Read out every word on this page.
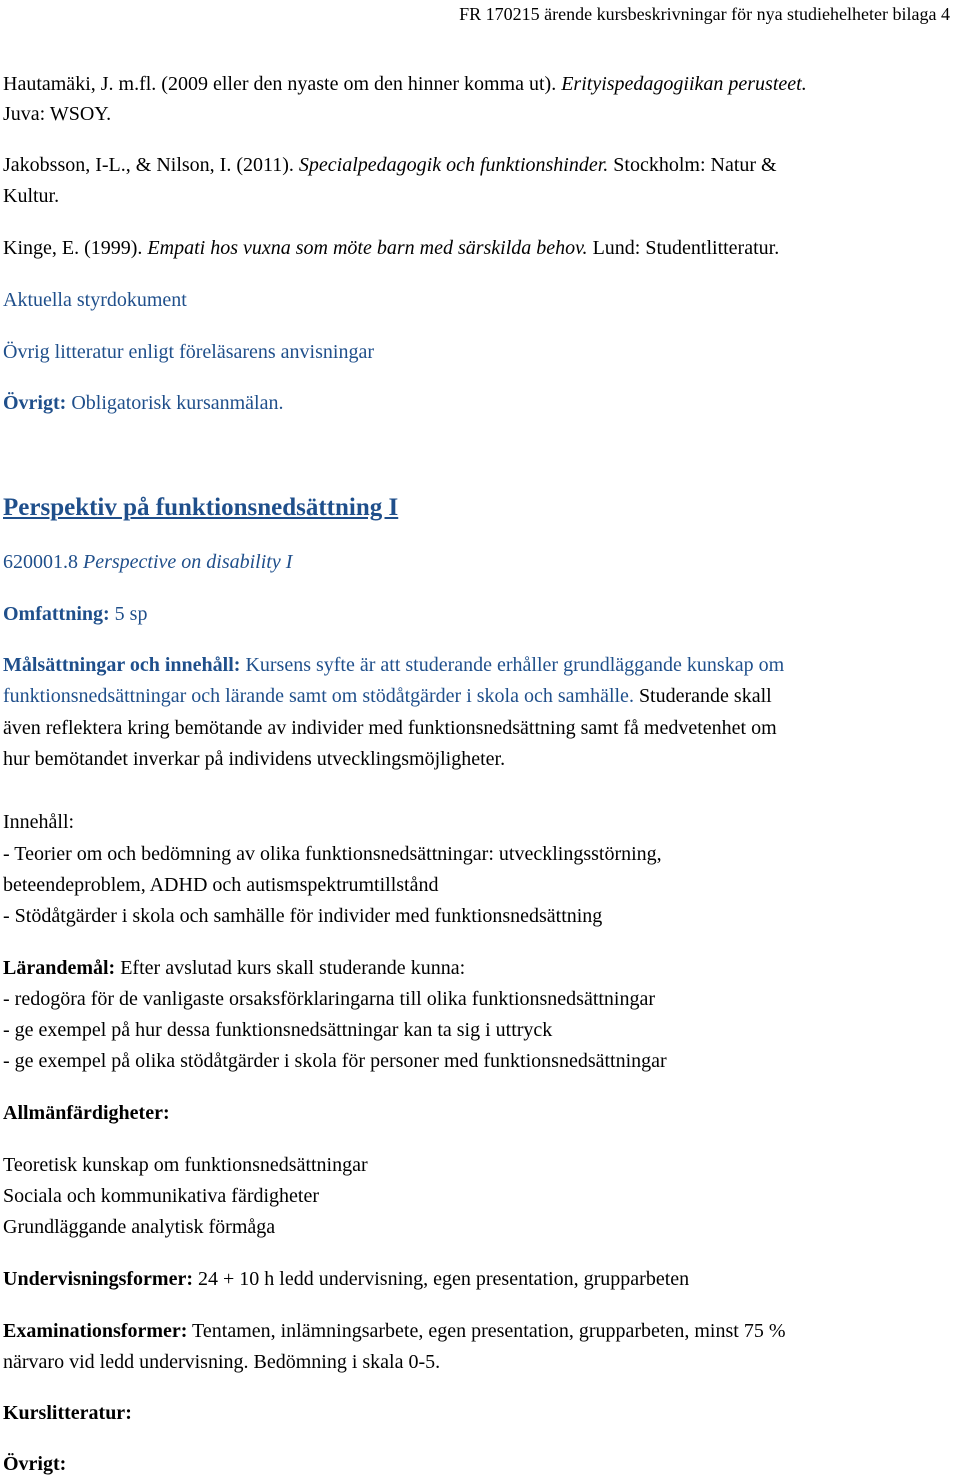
FR 170215 ärende kursbeskrivningar för nya studiehelheter bilaga 4
Hautamäki, J. m.fl. (2009 eller den nyaste om den hinner komma ut). Erityispedagogiikan perusteet.
Juva: WSOY.
Jakobsson, I-L., & Nilson, I. (2011). Specialpedagogik och funktionshinder. Stockholm: Natur &
Kultur.
Kinge, E. (1999). Empati hos vuxna som möte barn med särskilda behov. Lund: Studentlitteratur.
Aktuella styrdokument
Övrig litteratur enligt föreläsarens anvisningar
Övrigt: Obligatorisk kursanmälan.
Perspektiv på funktionsnedsättning I
620001.8 Perspective on disability I
Omfattning: 5 sp
Målsättningar och innehåll: Kursens syfte är att studerande erhåller grundläggande kunskap om
funktionsnedsättningar och lärande samt om stödåtgärder i skola och samhälle. Studerande skall
även reflektera kring bemötande av individer med funktionsnedsättning samt få medvetenhet om
hur bemötandet inverkar på individens utvecklingsmöjligheter.
Innehåll:
- Teorier om och bedömning av olika funktionsnedsättningar: utvecklingsstörning,
beteendeproblem, ADHD och autismspektrumtillstånd
- Stödåtgärder i skola och samhälle för individer med funktionsnedsättning
Lärandemål: Efter avslutad kurs skall studerande kunna:
- redogöra för de vanligaste orsaksförklaringarna till olika funktionsnedsättningar
- ge exempel på hur dessa funktionsnedsättningar kan ta sig i uttryck
- ge exempel på olika stödåtgärder i skola för personer med funktionsnedsättningar
Allmänfärdigheter:
Teoretisk kunskap om funktionsnedsättningar
Sociala och kommunikativa färdigheter
Grundläggande analytisk förmåga
Undervisningsformer: 24 + 10 h ledd undervisning, egen presentation, grupparbeten
Examinationsformer: Tentamen, inlämningsarbete, egen presentation, grupparbeten, minst 75 %
närvaro vid ledd undervisning. Bedömning i skala 0-5.
Kurslitteratur:
Övrigt:
